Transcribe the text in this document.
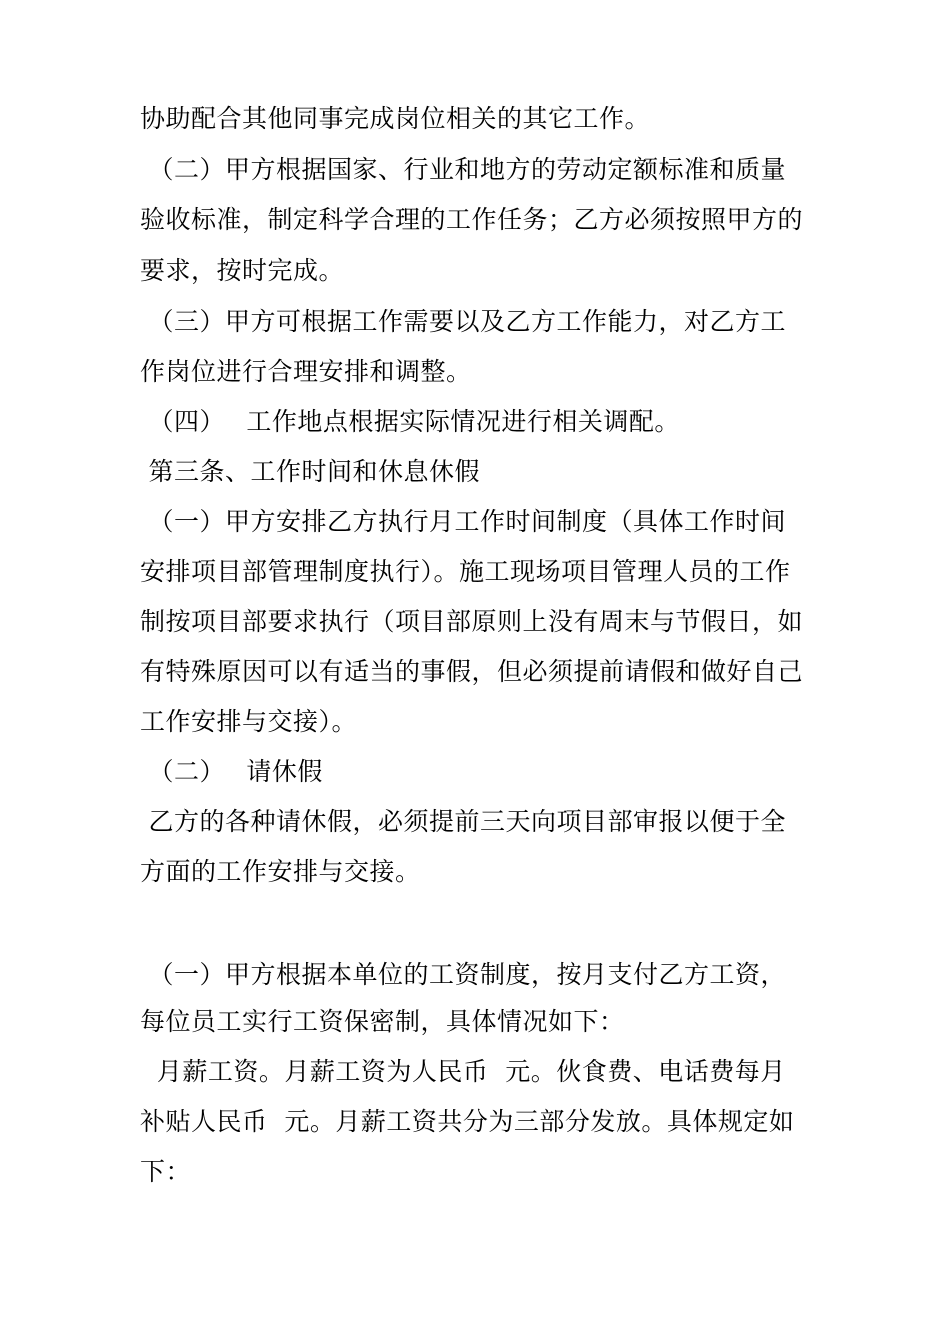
协助配合其他同事完成岗位相关的其它工作。
（二）甲方根据国家、行业和地方的劳动定额标准和质量
验收标准，制定科学合理的工作任务；乙方必须按照甲方的
要求，按时完成。
（三）甲方可根据工作需要以及乙方工作能力，对乙方工
作岗位进行合理安排和调整。
（四）　 工作地点根据实际情况进行相关调配。
第三条、工作时间和休息休假
（一）甲方安排乙方执行月工作时间制度（具体工作时间
安排项目部管理制度执行）。施工现场项目管理人员的工作
制按项目部要求执行（项目部原则上没有周末与节假日，如
有特殊原因可以有适当的事假，但必须提前请假和做好自己
工作安排与交接）。
（二）　 请休假
乙方的各种请休假，必须提前三天向项目部审报以便于全
方面的工作安排与交接。
（一）甲方根据本单位的工资制度，按月支付乙方工资，
每位员工实行工资保密制，具体情况如下：
月薪工资。月薪工资为人民币  元。伙食费、电话费每月
补贴人民币  元。月薪工资共分为三部分发放。具体规定如
下：
